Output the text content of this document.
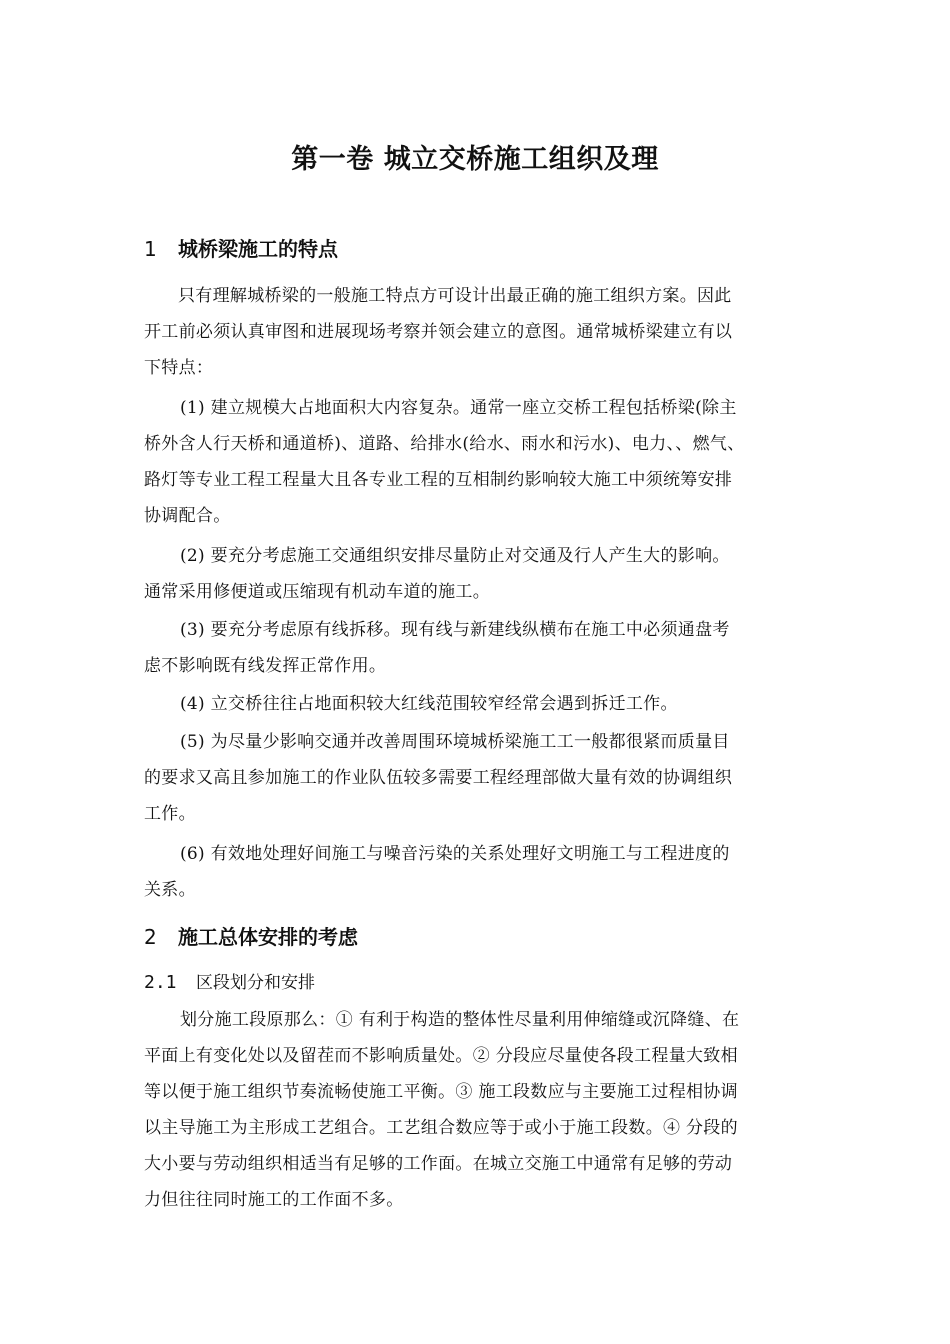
第一卷 城立交桥施工组织及理
1 城桥梁施工的特点
只有理解城桥梁的一般施工特点方可设计出最正确的施工组织方案。因此
开工前必须认真审图和进展现场考察并领会建立的意图。通常城桥梁建立有以
下特点：
(1) 建立规模大占地面积大内容复杂。通常一座立交桥工程包括桥梁(除主
桥外含人行天桥和通道桥)、道路、给排水(给水、雨水和污水)、电力、、燃气、
路灯等专业工程工程量大且各专业工程的互相制约影响较大施工中须统筹安排
协调配合。
(2) 要充分考虑施工交通组织安排尽量防止对交通及行人产生大的影响。
通常采用修便道或压缩现有机动车道的施工。
(3) 要充分考虑原有线拆移。现有线与新建线纵横布在施工中必须通盘考
虑不影响既有线发挥正常作用。
(4) 立交桥往往占地面积较大红线范围较窄经常会遇到拆迁工作。
(5) 为尽量少影响交通并改善周围环境城桥梁施工工一般都很紧而质量目
的要求又高且参加施工的作业队伍较多需要工程经理部做大量有效的协调组织
工作。
(6) 有效地处理好间施工与噪音污染的关系处理好文明施工与工程进度的
关系。
2 施工总体安排的考虑
2.1 区段划分和安排
划分施工段原那么：① 有利于构造的整体性尽量利用伸缩缝或沉降缝、在
平面上有变化处以及留茬而不影响质量处。② 分段应尽量使各段工程量大致相
等以便于施工组织节奏流畅使施工平衡。③ 施工段数应与主要施工过程相协调
以主导施工为主形成工艺组合。工艺组合数应等于或小于施工段数。④ 分段的
大小要与劳动组织相适当有足够的工作面。在城立交施工中通常有足够的劳动
力但往往同时施工的工作面不多。
